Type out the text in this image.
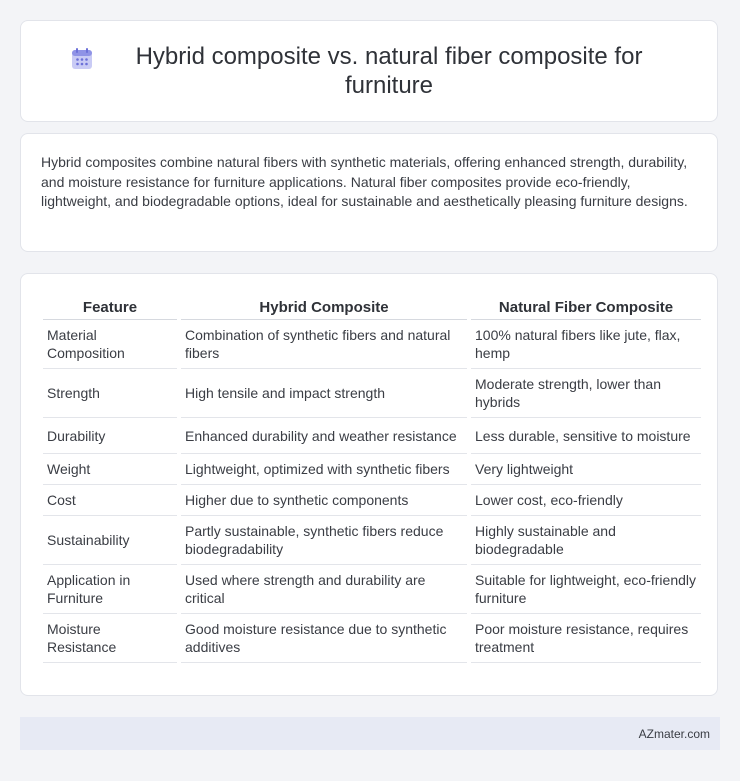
Hybrid composite vs. natural fiber composite for furniture

Hybrid composites combine natural fibers with synthetic materials, offering enhanced strength, durability, and moisture resistance for furniture applications. Natural fiber composites provide eco-friendly, lightweight, and biodegradable options, ideal for sustainable and aesthetically pleasing furniture designs.

Feature	Hybrid Composite	Natural Fiber Composite
Material Composition	Combination of synthetic fibers and natural fibers	100% natural fibers like jute, flax, hemp
Strength	High tensile and impact strength	Moderate strength, lower than hybrids
Durability	Enhanced durability and weather resistance	Less durable, sensitive to moisture
Weight	Lightweight, optimized with synthetic fibers	Very lightweight
Cost	Higher due to synthetic components	Lower cost, eco-friendly
Sustainability	Partly sustainable, synthetic fibers reduce biodegradability	Highly sustainable and biodegradable
Application in Furniture	Used where strength and durability are critical	Suitable for lightweight, eco-friendly furniture
Moisture Resistance	Good moisture resistance due to synthetic additives	Poor moisture resistance, requires treatment
AZmater.com
